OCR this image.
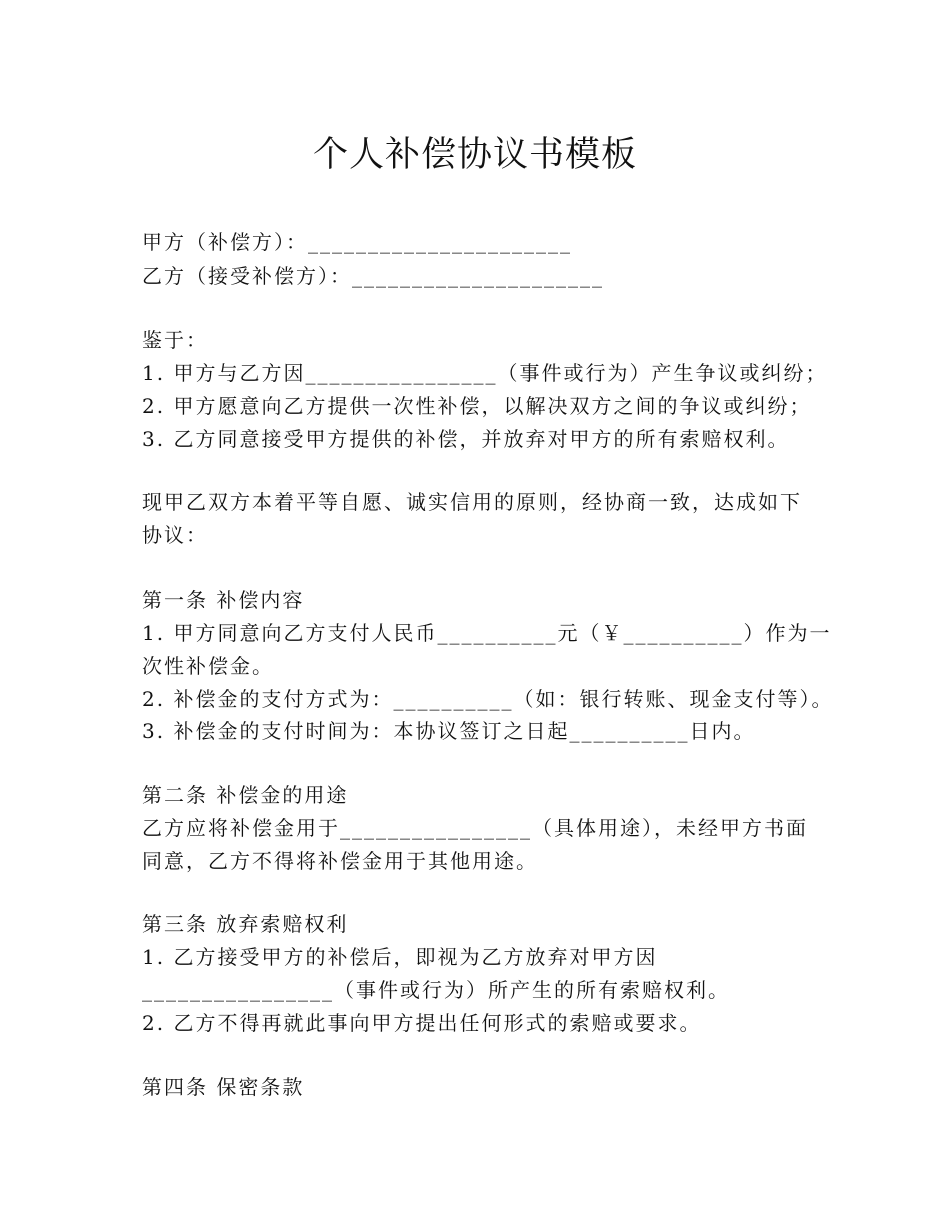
个人补偿协议书模板
甲方（补偿方）：______________________
乙方（接受补偿方）：_____________________
鉴于：
1. 甲方与乙方因________________（事件或行为）产生争议或纠纷；
2. 甲方愿意向乙方提供一次性补偿，以解决双方之间的争议或纠纷；
3. 乙方同意接受甲方提供的补偿，并放弃对甲方的所有索赔权利。
现甲乙双方本着平等自愿、诚实信用的原则，经协商一致，达成如下
协议：
第一条 补偿内容
1. 甲方同意向乙方支付人民币__________元（￥__________）作为一
次性补偿金。
2. 补偿金的支付方式为：__________（如：银行转账、现金支付等）。
3. 补偿金的支付时间为：本协议签订之日起__________日内。
第二条 补偿金的用途
乙方应将补偿金用于________________（具体用途），未经甲方书面
同意，乙方不得将补偿金用于其他用途。
第三条 放弃索赔权利
1. 乙方接受甲方的补偿后，即视为乙方放弃对甲方因
________________（事件或行为）所产生的所有索赔权利。
2. 乙方不得再就此事向甲方提出任何形式的索赔或要求。
第四条 保密条款
